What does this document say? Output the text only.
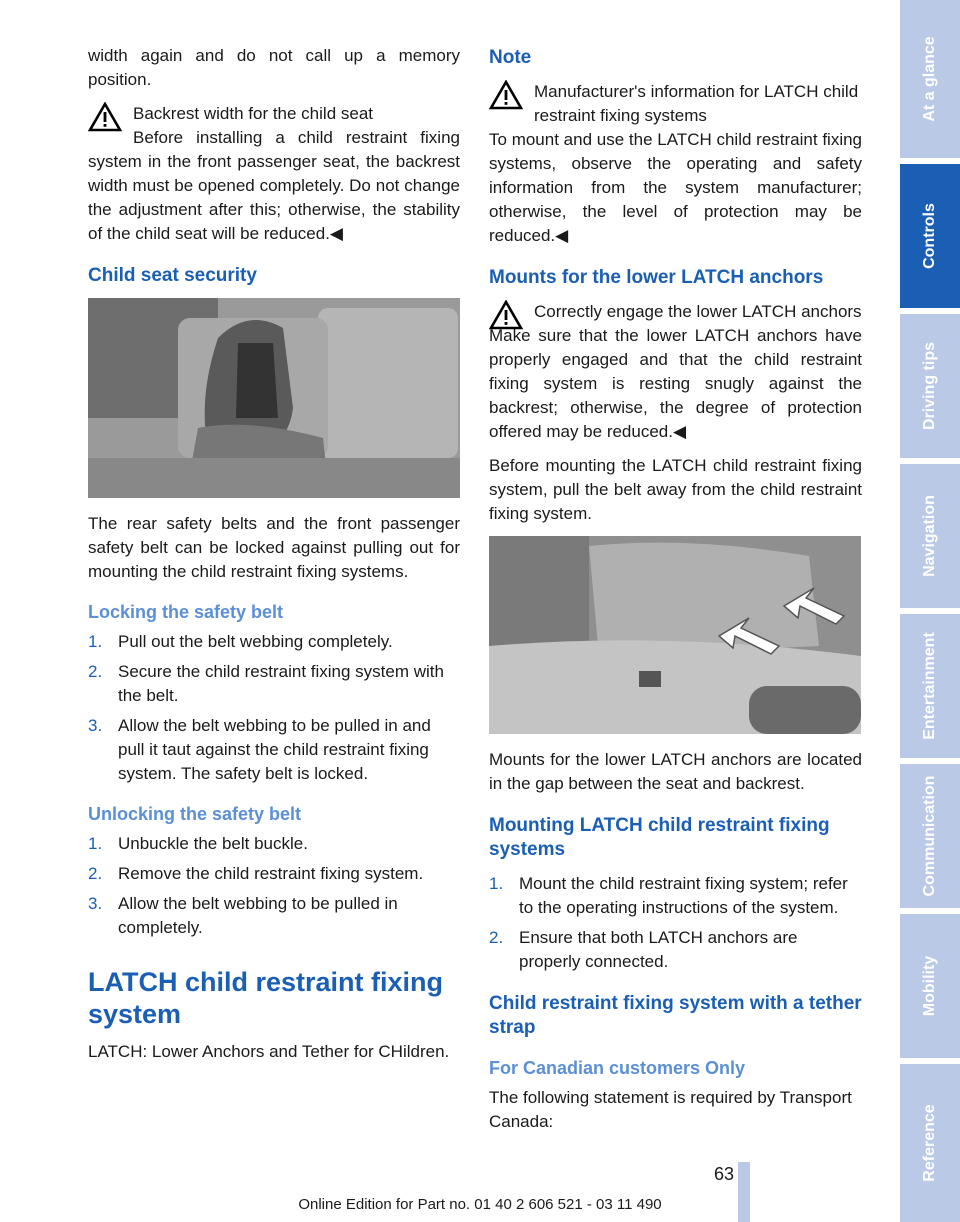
width again and do not call up a memory position.

Backrest width for the child seat

Before installing a child restraint fixing system in the front passenger seat, the backrest width must be opened completely. Do not change the adjustment after this; otherwise, the stability of the child seat will be reduced.◀

Child seat security

The rear safety belts and the front passenger safety belt can be locked against pulling out for mounting the child restraint fixing systems.

Locking the safety belt
1. Pull out the belt webbing completely.
2. Secure the child restraint fixing system with the belt.
3. Allow the belt webbing to be pulled in and pull it taut against the child restraint fixing system. The safety belt is locked.
Unlocking the safety belt
1. Unbuckle the belt buckle.
2. Remove the child restraint fixing system.
3. Allow the belt webbing to be pulled in completely.
LATCH child restraint fixing system

LATCH: Lower Anchors and Tether for CHildren.

Note
Manufacturer's information for LATCH child restraint fixing systems

To mount and use the LATCH child restraint fixing systems, observe the operating and safety information from the system manufacturer; otherwise, the level of protection may be reduced.◀

Mounts for the lower LATCH anchors
Correctly engage the lower LATCH anchors

Make sure that the lower LATCH anchors have properly engaged and that the child restraint fixing system is resting snugly against the backrest; otherwise, the degree of protection offered may be reduced.◀

Before mounting the LATCH child restraint fixing system, pull the belt away from the child restraint fixing system.

Mounts for the lower LATCH anchors are located in the gap between the seat and backrest.

Mounting LATCH child restraint fixing systems
1. Mount the child restraint fixing system; refer to the operating instructions of the system.
2. Ensure that both LATCH anchors are properly connected.
Child restraint fixing system with a tether strap
For Canadian customers Only

The following statement is required by Transport Canada:

At a glance
Controls
Driving tips
Navigation
Entertainment
Communication
Mobility
Reference
63
Online Edition for Part no. 01 40 2 606 521 - 03 11 490
